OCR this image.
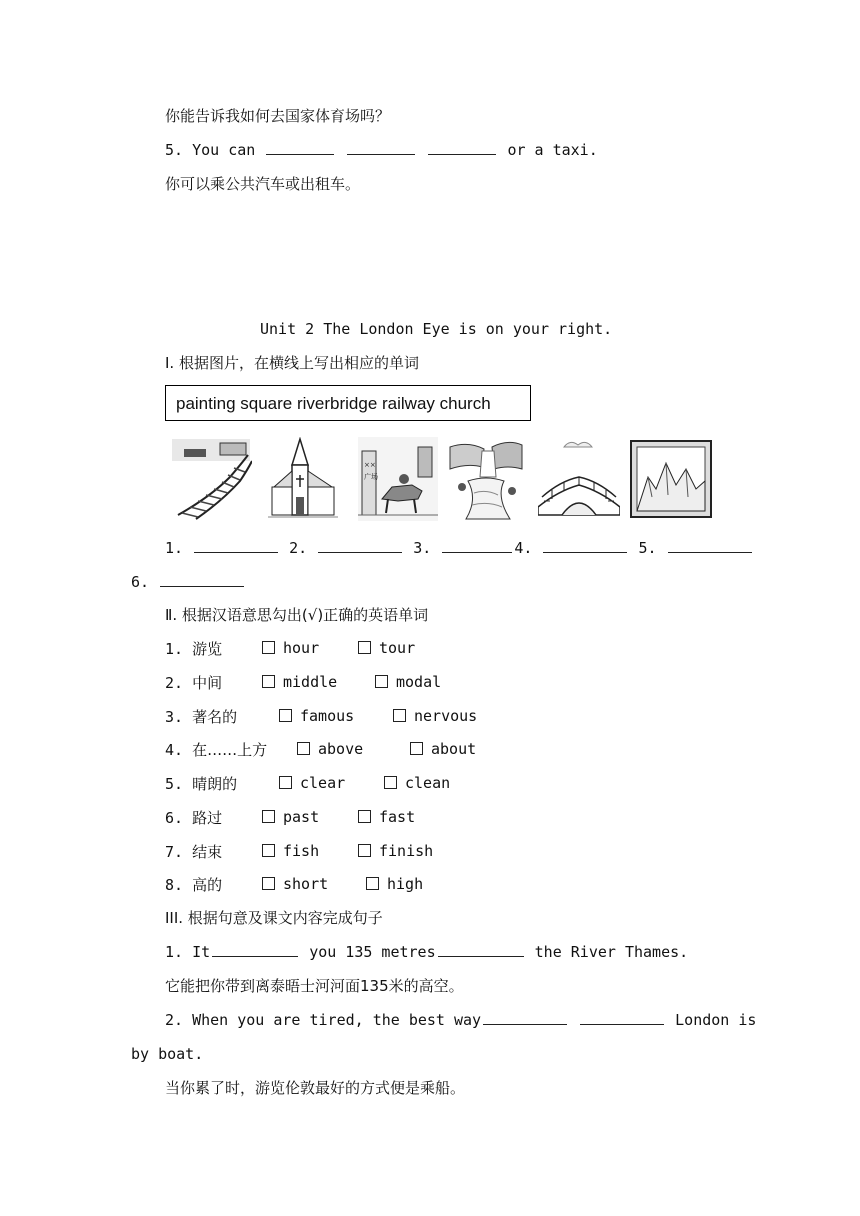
你能告诉我如何去国家体育场吗？
5. You can	or a taxi.
你可以乘公共汽车或出租车。
Unit 2 The London Eye is on your right.
I. 根据图片，在横线上写出相应的单词
painting square riverbridge railway church
××
广场
1.	2.	3.	4.	5.
6.
Ⅱ. 根据汉语意思勾出(√)正确的英语单词
1. 游览	hour	tour
2. 中间	middle	modal
3. 著名的	famous	nervous
4. 在……上方	above	about
5. 晴朗的	clear	clean
6. 路过	past	fast
7. 结束	fish	finish
8. 高的	short	high
III. 根据句意及课文内容完成句子
1. It	you 135 metres	the River Thames.
它能把你带到离泰晤士河河面135米的高空。
2. When you are tired, the best way	London is
by boat.
当你累了时，游览伦敦最好的方式便是乘船。
